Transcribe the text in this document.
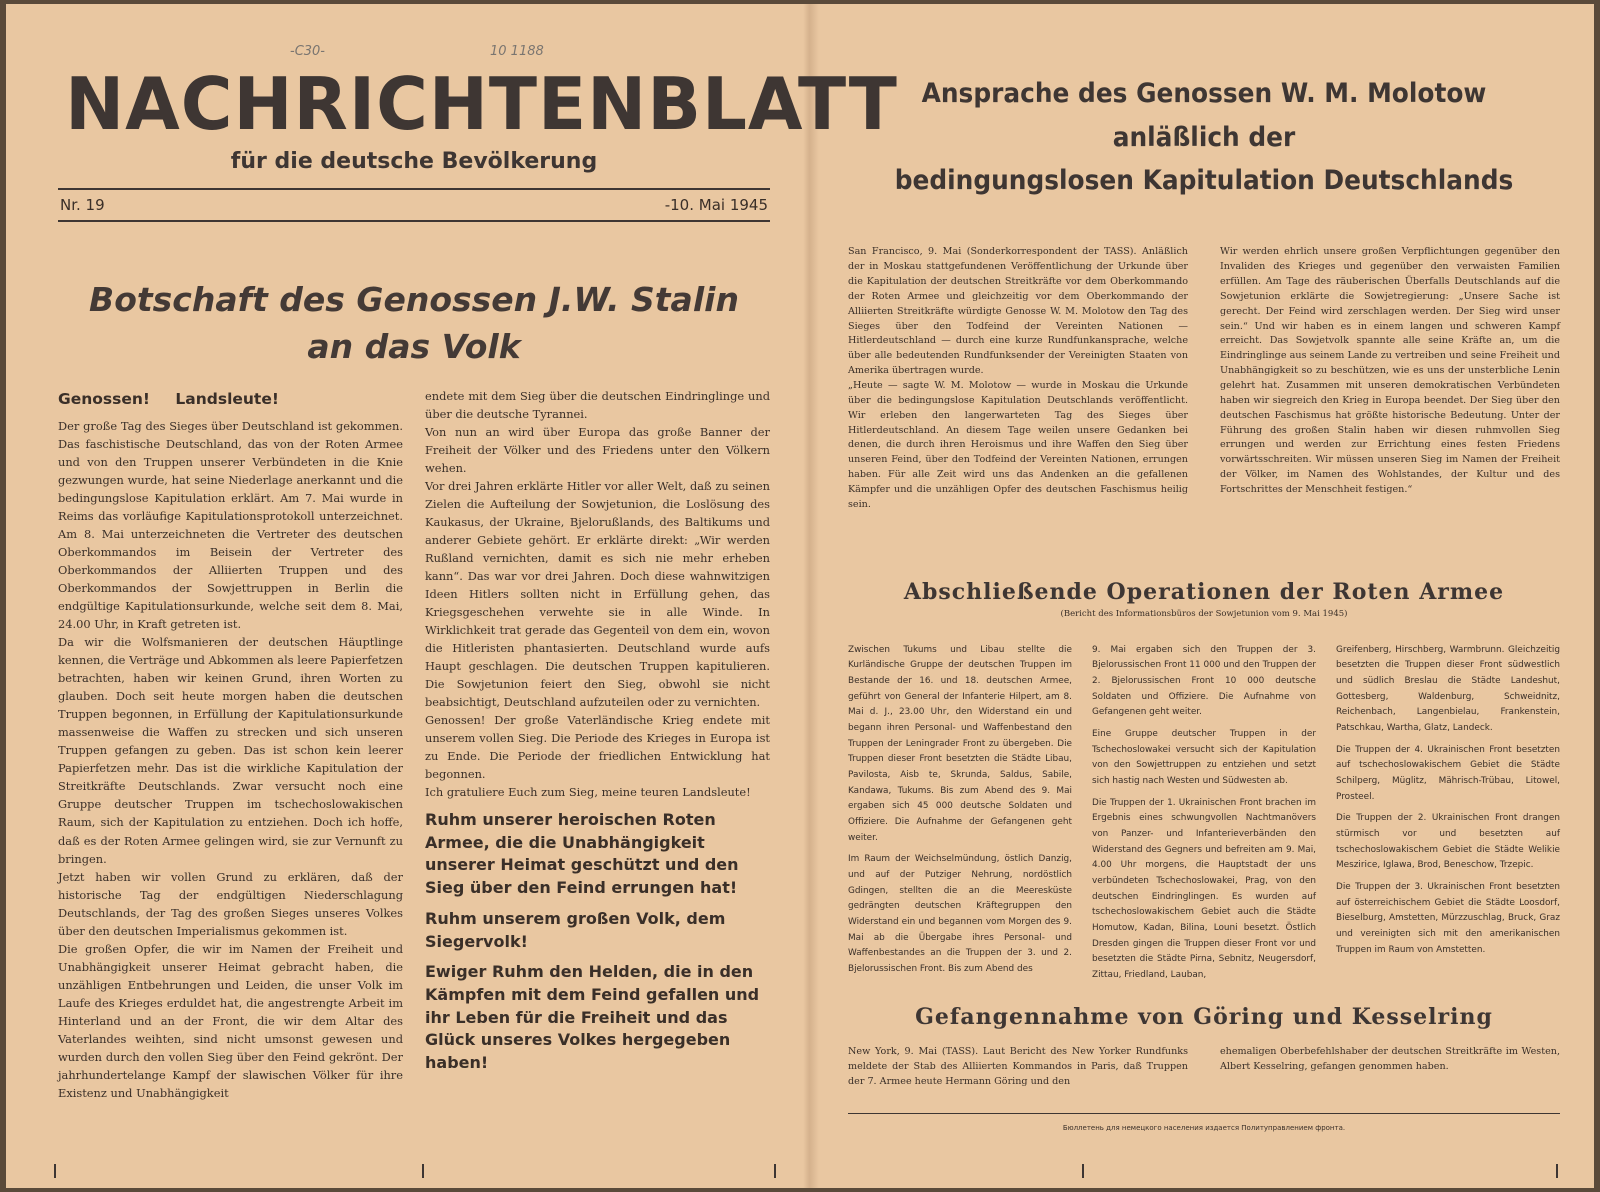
-C30-	10 1188
NACHRICHTENBLATT
für die deutsche Bevölkerung
Nr. 19	-10. Mai 1945
Botschaft des Genossen J.W. Stalin
an das Volk
Genossen! Landsleute!

Der große Tag des Sieges über Deutschland ist gekommen. Das faschistische Deutschland, das von der Roten Armee und von den Truppen unserer Verbündeten in die Knie gezwungen wurde, hat seine Niederlage anerkannt und die bedingungslose Kapitulation erklärt. Am 7. Mai wurde in Reims das vorläufige Kapitulationsprotokoll unterzeichnet. Am 8. Mai unterzeichneten die Vertreter des deutschen Oberkommandos im Beisein der Vertreter des Oberkommandos der Alliierten Truppen und des Oberkommandos der Sowjettruppen in Berlin die endgültige Kapitulationsurkunde, welche seit dem 8. Mai, 24.00 Uhr, in Kraft getreten ist.

Da wir die Wolfsmanieren der deutschen Häuptlinge kennen, die Verträge und Abkommen als leere Papierfetzen betrachten, haben wir keinen Grund, ihren Worten zu glauben. Doch seit heute morgen haben die deutschen Truppen begonnen, in Erfüllung der Kapitulationsurkunde massenweise die Waffen zu strecken und sich unseren Truppen gefangen zu geben. Das ist schon kein leerer Papierfetzen mehr. Das ist die wirkliche Kapitulation der Streitkräfte Deutschlands. Zwar versucht noch eine Gruppe deutscher Truppen im tschechoslowakischen Raum, sich der Kapitulation zu entziehen. Doch ich hoffe, daß es der Roten Armee gelingen wird, sie zur Vernunft zu bringen.

Jetzt haben wir vollen Grund zu erklären, daß der historische Tag der endgültigen Niederschlagung Deutschlands, der Tag des großen Sieges unseres Volkes über den deutschen Imperialismus gekommen ist.

Die großen Opfer, die wir im Namen der Freiheit und Unabhängigkeit unserer Heimat gebracht haben, die unzähligen Entbehrungen und Leiden, die unser Volk im Laufe des Krieges erduldet hat, die angestrengte Arbeit im Hinterland und an der Front, die wir dem Altar des Vaterlandes weihten, sind nicht umsonst gewesen und wurden durch den vollen Sieg über den Feind gekrönt. Der jahrhundertelange Kampf der slawischen Völker für ihre Existenz und Unabhängigkeit

endete mit dem Sieg über die deutschen Eindringlinge und über die deutsche Tyrannei.

Von nun an wird über Europa das große Banner der Freiheit der Völker und des Friedens unter den Völkern wehen.

Vor drei Jahren erklärte Hitler vor aller Welt, daß zu seinen Zielen die Aufteilung der Sowjetunion, die Loslösung des Kaukasus, der Ukraine, Bjelorußlands, des Baltikums und anderer Gebiete gehört. Er erklärte direkt: „Wir werden Rußland vernichten, damit es sich nie mehr erheben kann“. Das war vor drei Jahren. Doch diese wahnwitzigen Ideen Hitlers sollten nicht in Erfüllung gehen, das Kriegsgeschehen verwehte sie in alle Winde. In Wirklichkeit trat gerade das Gegenteil von dem ein, wovon die Hitleristen phantasierten. Deutschland wurde aufs Haupt geschlagen. Die deutschen Truppen kapitulieren. Die Sowjetunion feiert den Sieg, obwohl sie nicht beabsichtigt, Deutschland aufzuteilen oder zu vernichten.

Genossen! Der große Vaterländische Krieg endete mit unserem vollen Sieg. Die Periode des Krieges in Europa ist zu Ende. Die Periode der friedlichen Entwicklung hat begonnen.

Ich gratuliere Euch zum Sieg, meine teuren Landsleute!

Ruhm unserer heroischen Roten Armee, die die Unabhängigkeit unserer Heimat geschützt und den Sieg über den Feind errungen hat!
Ruhm unserem großen Volk, dem Siegervolk!
Ewiger Ruhm den Helden, die in den Kämpfen mit dem Feind gefallen und ihr Leben für die Freiheit und das Glück unseres Volkes hergegeben haben!
Ansprache des Genossen W. M. Molotow anläßlich der
bedingungslosen Kapitulation Deutschlands

San Francisco, 9. Mai (Sonderkorrespondent der TASS). Anläßlich der in Moskau stattgefundenen Veröffentlichung der Urkunde über die Kapitulation der deutschen Streitkräfte vor dem Oberkommando der Roten Armee und gleichzeitig vor dem Oberkommando der Alliierten Streitkräfte würdigte Genosse W. M. Molotow den Tag des Sieges über den Todfeind der Vereinten Nationen — Hitlerdeutschland — durch eine kurze Rundfunkansprache, welche über alle bedeutenden Rundfunksender der Vereinigten Staaten von Amerika übertragen wurde.

„Heute — sagte W. M. Molotow — wurde in Moskau die Urkunde über die bedingungslose Kapitulation Deutschlands veröffentlicht. Wir erleben den langerwarteten Tag des Sieges über Hitlerdeutschland. An diesem Tage weilen unsere Gedanken bei denen, die durch ihren Heroismus und ihre Waffen den Sieg über unseren Feind, über den Todfeind der Vereinten Nationen, errungen haben. Für alle Zeit wird uns das Andenken an die gefallenen Kämpfer und die unzähligen Opfer des deutschen Faschismus heilig sein.

Wir werden ehrlich unsere großen Verpflichtungen gegenüber den Invaliden des Krieges und gegenüber den verwaisten Familien erfüllen. Am Tage des räuberischen Überfalls Deutschlands auf die Sowjetunion erklärte die Sowjetregierung: „Unsere Sache ist gerecht. Der Feind wird zerschlagen werden. Der Sieg wird unser sein.“ Und wir haben es in einem langen und schweren Kampf erreicht. Das Sowjetvolk spannte alle seine Kräfte an, um die Eindringlinge aus seinem Lande zu vertreiben und seine Freiheit und Unabhängigkeit so zu beschützen, wie es uns der unsterbliche Lenin gelehrt hat. Zusammen mit unseren demokratischen Verbündeten haben wir siegreich den Krieg in Europa beendet. Der Sieg über den deutschen Faschismus hat größte historische Bedeutung. Unter der Führung des großen Stalin haben wir diesen ruhmvollen Sieg errungen und werden zur Errichtung eines festen Friedens vorwärtsschreiten. Wir müssen unseren Sieg im Namen der Freiheit der Völker, im Namen des Wohlstandes, der Kultur und des Fortschrittes der Menschheit festigen.“

Abschließende Operationen der Roten Armee
(Bericht des Informationsbüros der Sowjetunion vom 9. Mai 1945)

Zwischen Tukums und Libau stellte die Kurländische Gruppe der deutschen Truppen im Bestande der 16. und 18. deutschen Armee, geführt von General der Infanterie Hilpert, am 8. Mai d. J., 23.00 Uhr, den Widerstand ein und begann ihren Personal- und Waffenbestand den Truppen der Leningrader Front zu übergeben. Die Truppen dieser Front besetzten die Städte Libau, Pavilosta, Aisb te, Skrunda, Saldus, Sabile, Kandawa, Tukums. Bis zum Abend des 9. Mai ergaben sich 45 000 deutsche Soldaten und Offiziere. Die Aufnahme der Gefangenen geht weiter.

Im Raum der Weichselmündung, östlich Danzig, und auf der Putziger Nehrung, nordöstlich Gdingen, stellten die an die Meeresküste gedrängten deutschen Kräftegruppen den Widerstand ein und begannen vom Morgen des 9. Mai ab die Übergabe ihres Personal- und Waffenbestandes an die Truppen der 3. und 2. Bjelorussischen Front. Bis zum Abend des

9. Mai ergaben sich den Truppen der 3. Bjelorussischen Front 11 000 und den Truppen der 2. Bjelorussischen Front 10 000 deutsche Soldaten und Offiziere. Die Aufnahme von Gefangenen geht weiter.

Eine Gruppe deutscher Truppen in der Tschechoslowakei versucht sich der Kapitulation von den Sowjettruppen zu entziehen und setzt sich hastig nach Westen und Südwesten ab.

Die Truppen der 1. Ukrainischen Front brachen im Ergebnis eines schwungvollen Nachtmanövers von Panzer- und Infanterieverbänden den Widerstand des Gegners und befreiten am 9. Mai, 4.00 Uhr morgens, die Hauptstadt der uns verbündeten Tschechoslowakei, Prag, von den deutschen Eindringlingen. Es wurden auf tschechoslowakischem Gebiet auch die Städte Homutow, Kadan, Bilina, Louni besetzt. Östlich Dresden gingen die Truppen dieser Front vor und besetzten die Städte Pirna, Sebnitz, Neugersdorf, Zittau, Friedland, Lauban,

Greifenberg, Hirschberg, Warmbrunn. Gleichzeitig besetzten die Truppen dieser Front südwestlich und südlich Breslau die Städte Landeshut, Gottesberg, Waldenburg, Schweidnitz, Reichenbach, Langenbielau, Frankenstein, Patschkau, Wartha, Glatz, Landeck.

Die Truppen der 4. Ukrainischen Front besetzten auf tschechoslowakischem Gebiet die Städte Schilperg, Müglitz, Mährisch-Trübau, Litowel, Prosteel.

Die Truppen der 2. Ukrainischen Front drangen stürmisch vor und besetzten auf tschechoslowakischem Gebiet die Städte Welikie Meszirice, Iglawa, Brod, Beneschow, Trzepic.

Die Truppen der 3. Ukrainischen Front besetzten auf österreichischem Gebiet die Städte Loosdorf, Bieselburg, Amstetten, Mürzzuschlag, Bruck, Graz und vereinigten sich mit den amerikanischen Truppen im Raum von Amstetten.

Gefangennahme von Göring und Kesselring
New York, 9. Mai (TASS). Laut Bericht des New Yorker Rundfunks meldete der Stab des Alliierten Kommandos in Paris, daß Truppen der 7. Armee heute Hermann Göring und den
ehemaligen Oberbefehlshaber der deutschen Streitkräfte im Westen, Albert Kesselring, gefangen genommen haben.
Бюллетень для немецкого населения издается Политуправлением фронта.
